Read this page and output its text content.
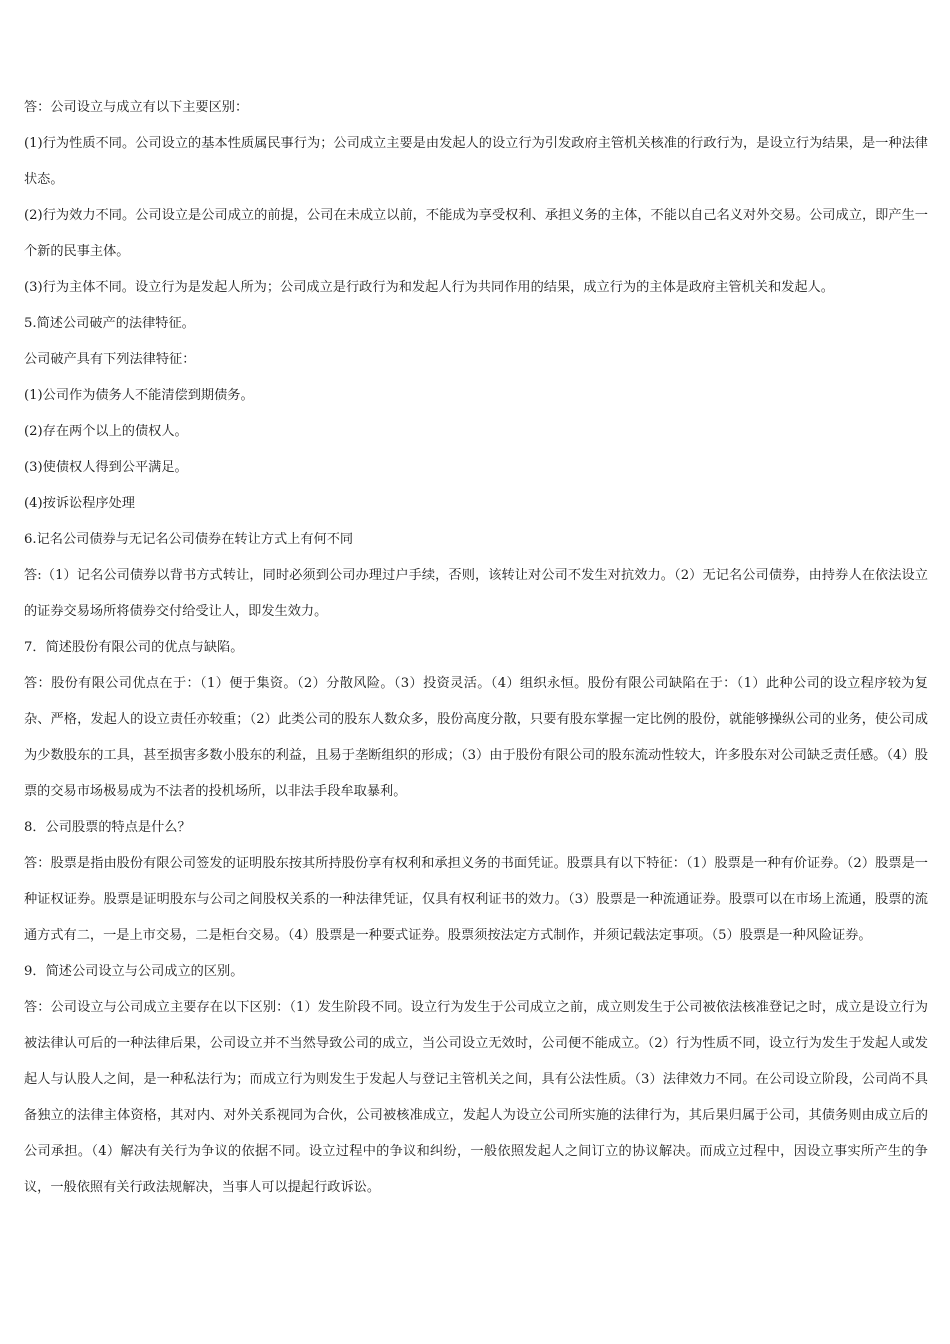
答：公司设立与成立有以下主要区别：

(1)行为性质不同。公司设立的基本性质属民事行为；公司成立主要是由发起人的设立行为引发政府主管机关核准的行政行为，是设立行为结果，是一种法律状态。

(2)行为效力不同。公司设立是公司成立的前提，公司在未成立以前，不能成为享受权利、承担义务的主体，不能以自己名义对外交易。公司成立，即产生一个新的民事主体。

(3)行为主体不同。设立行为是发起人所为；公司成立是行政行为和发起人行为共同作用的结果，成立行为的主体是政府主管机关和发起人。

5.简述公司破产的法律特征。

公司破产具有下列法律特征：

(1)公司作为债务人不能清偿到期债务。

(2)存在两个以上的债权人。

(3)使债权人得到公平满足。

(4)按诉讼程序处理

6.记名公司债券与无记名公司债券在转让方式上有何不同

答:（1）记名公司债券以背书方式转让，同时必须到公司办理过户手续，否则，该转让对公司不发生对抗效力。（2）无记名公司债券，由持券人在依法设立的证券交易场所将债券交付给受让人，即发生效力。

7．简述股份有限公司的优点与缺陷。

答：股份有限公司优点在于：（1）便于集资。（2）分散风险。（3）投资灵活。（4）组织永恒。股份有限公司缺陷在于：（1）此种公司的设立程序较为复杂、严格，发起人的设立责任亦较重；（2）此类公司的股东人数众多，股份高度分散，只要有股东掌握一定比例的股份，就能够操纵公司的业务，使公司成为少数股东的工具，甚至损害多数小股东的利益，且易于垄断组织的形成；（3）由于股份有限公司的股东流动性较大，许多股东对公司缺乏责任感。（4）股票的交易市场极易成为不法者的投机场所，以非法手段牟取暴利。

8．公司股票的特点是什么？

答：股票是指由股份有限公司签发的证明股东按其所持股份享有权利和承担义务的书面凭证。股票具有以下特征：（1）股票是一种有价证券。（2）股票是一种证权证券。股票是证明股东与公司之间股权关系的一种法律凭证，仅具有权利证书的效力。（3）股票是一种流通证券。股票可以在市场上流通，股票的流通方式有二，一是上市交易，二是柜台交易。（4）股票是一种要式证券。股票须按法定方式制作，并须记载法定事项。（5）股票是一种风险证券。

9．简述公司设立与公司成立的区别。

答：公司设立与公司成立主要存在以下区别：（1）发生阶段不同。设立行为发生于公司成立之前，成立则发生于公司被依法核准登记之时，成立是设立行为被法律认可后的一种法律后果，公司设立并不当然导致公司的成立，当公司设立无效时，公司便不能成立。（2）行为性质不同，设立行为发生于发起人或发起人与认股人之间，是一种私法行为；而成立行为则发生于发起人与登记主管机关之间，具有公法性质。（3）法律效力不同。在公司设立阶段，公司尚不具备独立的法律主体资格，其对内、对外关系视同为合伙，公司被核准成立，发起人为设立公司所实施的法律行为，其后果归属于公司，其债务则由成立后的公司承担。（4）解决有关行为争议的依据不同。设立过程中的争议和纠纷，一般依照发起人之间订立的协议解决。而成立过程中，因设立事实所产生的争议，一般依照有关行政法规解决，当事人可以提起行政诉讼。
